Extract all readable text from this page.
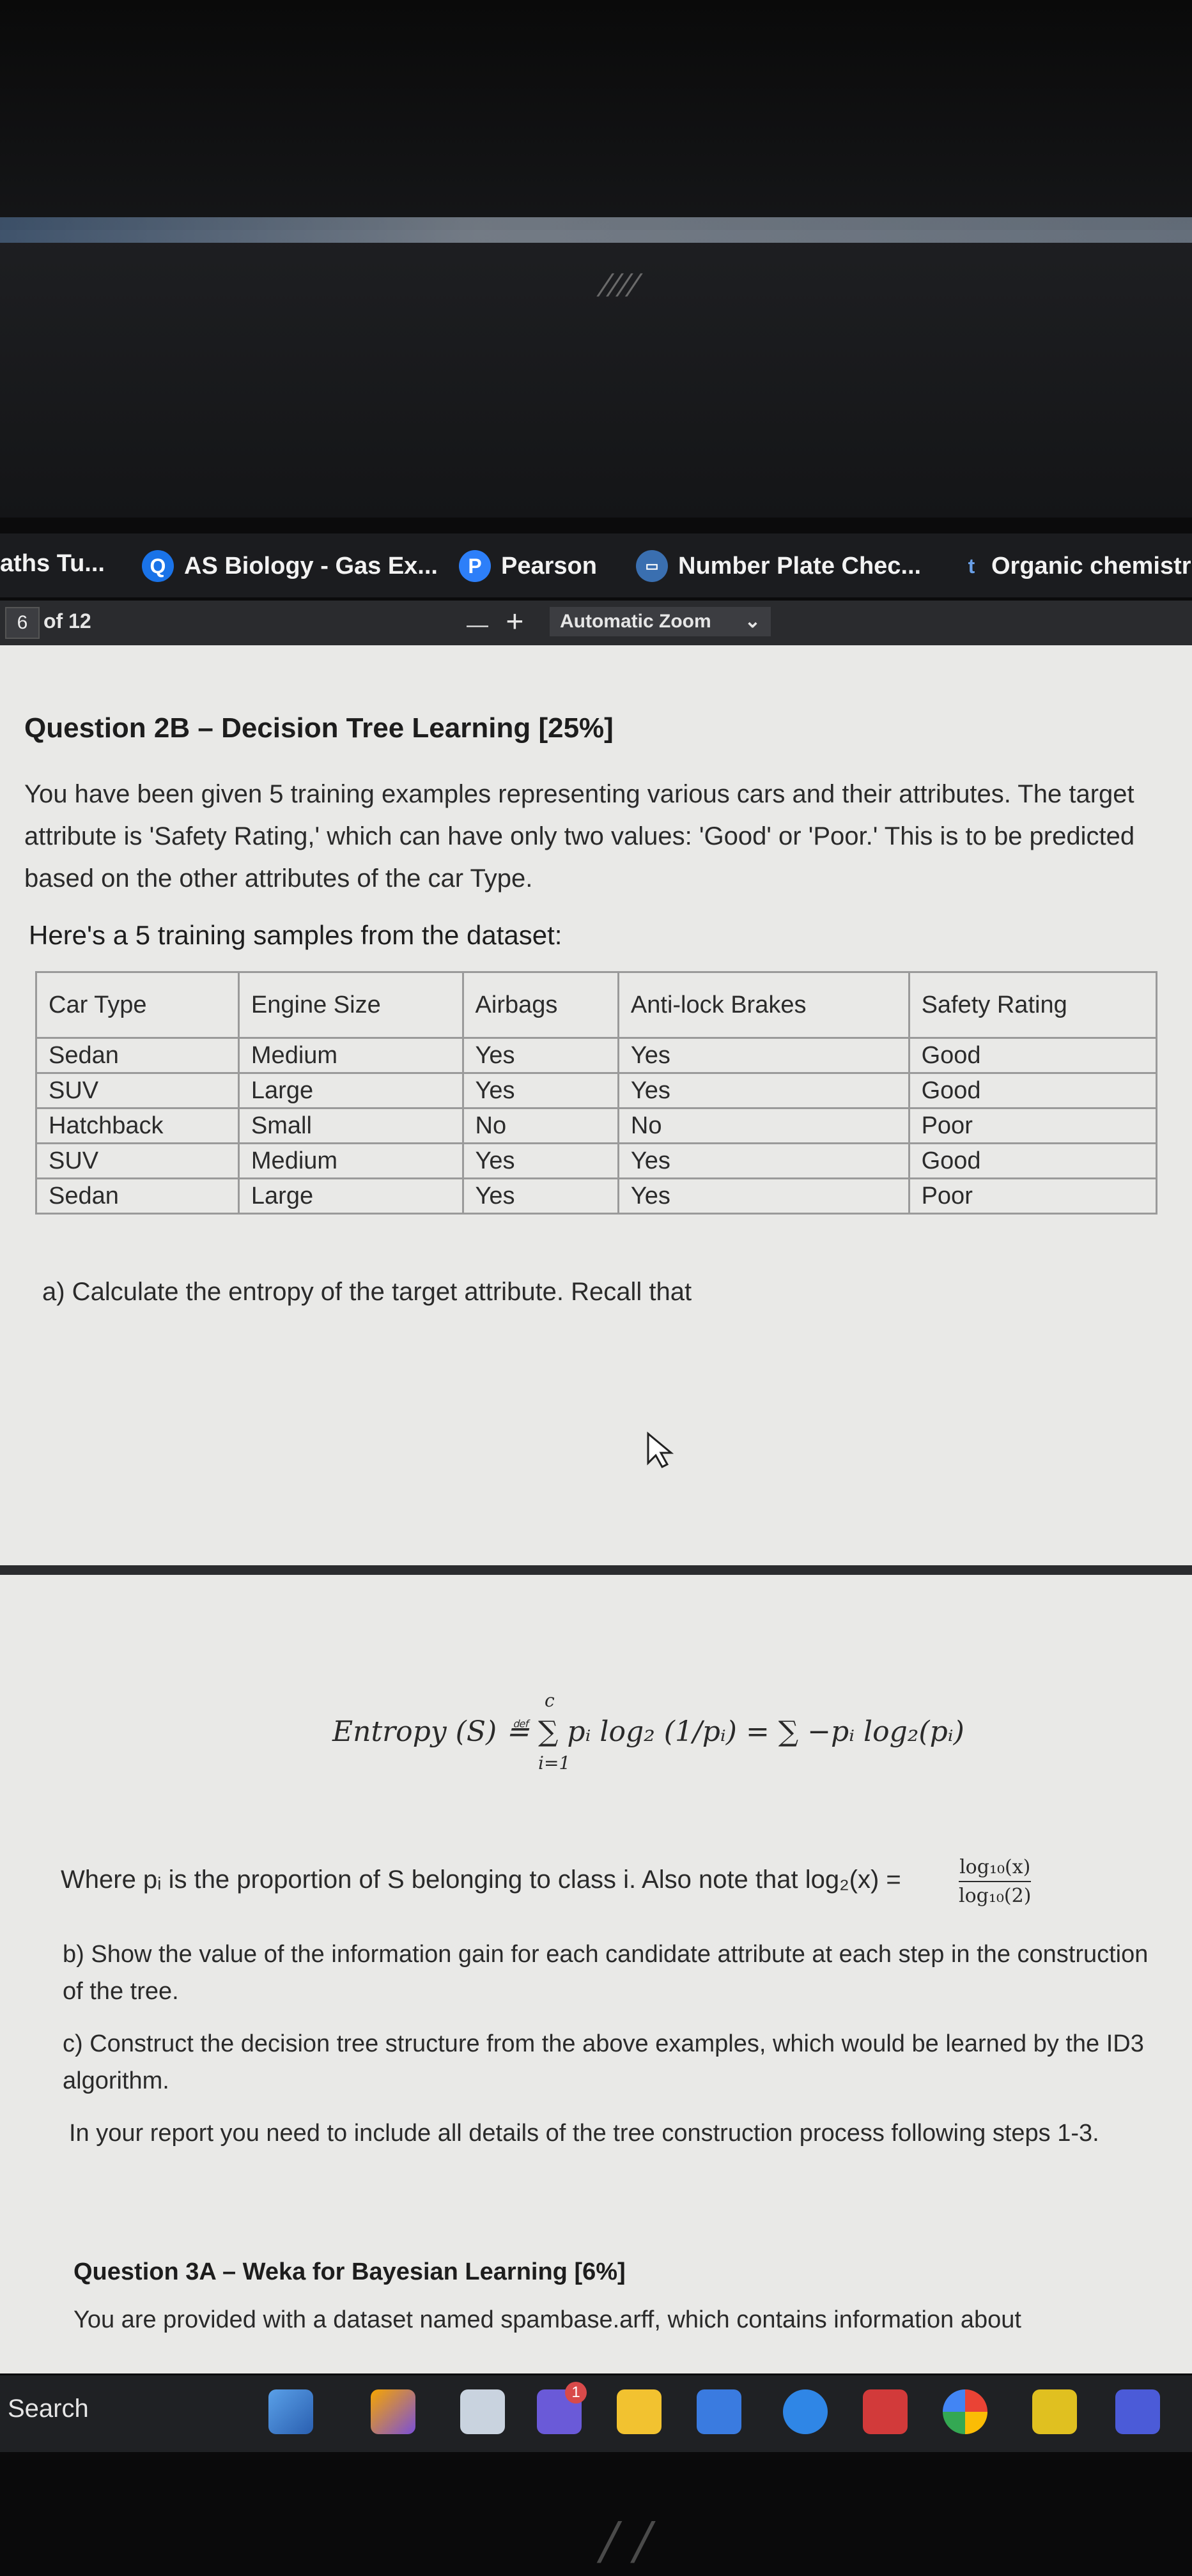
////
aths Tu...	Q AS Biology - Gas Ex...	P Pearson	▭ Number Plate Chec...	t Organic chemistr
6 of 12	— +	Automatic Zoom ⌄
Question 2B – Decision Tree Learning [25%]
You have been given 5 training examples representing various cars and their attributes. The target attribute is 'Safety Rating,' which can have only two values: 'Good' or 'Poor.' This is to be predicted based on the other attributes of the car Type.
Here's a 5 training samples from the dataset:
Car Type	Engine Size	Airbags	Anti-lock Brakes	Safety Rating
Sedan	Medium	Yes	Yes	Good
SUV	Large	Yes	Yes	Good
Hatchback	Small	No	No	Poor
SUV	Medium	Yes	Yes	Good
Sedan	Large	Yes	Yes	Poor
a) Calculate the entropy of the target attribute. Recall that
Entropy (S) ≝
c
∑ pᵢ log₂ (1/pᵢ) = ∑ −pᵢ log₂(pᵢ)
i=1
Where pᵢ is the proportion of S belonging to class i. Also note that log₂(x) =	log₁₀(x)
log₁₀(2)
b) Show the value of the information gain for each candidate attribute at each step in the construction of the tree.
c) Construct the decision tree structure from the above examples, which would be learned by the ID3 algorithm.
In your report you need to include all details of the tree construction process following steps 1-3.
Question 3A – Weka for Bayesian Learning [6%]
You are provided with a dataset named spambase.arff, which contains information about
Search
1
/ /
